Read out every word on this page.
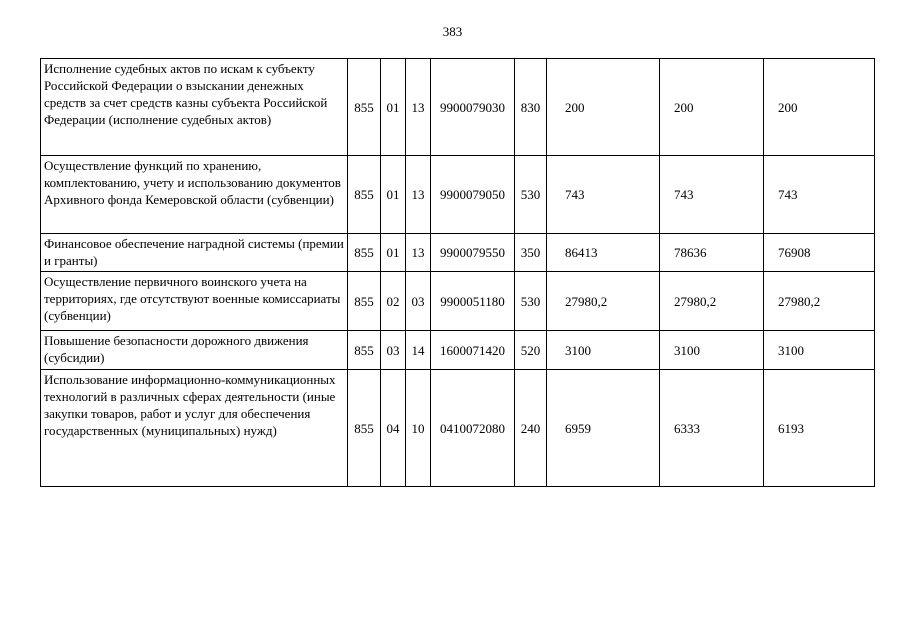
383
Исполнение судебных актов по искам к субъекту Российской Федерации о взыскании денежных средств за счет средств казны субъекта Российской Федерации (исполнение судебных актов)	855	01	13	9900079030	830	200	200	200
Осуществление функций по хранению, комплектованию, учету и использованию документов Архивного фонда Кемеровской области (субвенции)	855	01	13	9900079050	530	743	743	743
Финансовое обеспечение наградной системы (премии и гранты)	855	01	13	9900079550	350	86413	78636	76908
Осуществление первичного воинского учета на территориях, где отсутствуют военные комиссариаты (субвенции)	855	02	03	9900051180	530	27980,2	27980,2	27980,2
Повышение безопасности дорожного движения (субсидии)	855	03	14	1600071420	520	3100	3100	3100
Использование информационно-коммуникационных технологий в различных сферах деятельности (иные закупки товаров, работ и услуг для обеспечения государственных (муниципальных) нужд)	855	04	10	0410072080	240	6959	6333	6193
